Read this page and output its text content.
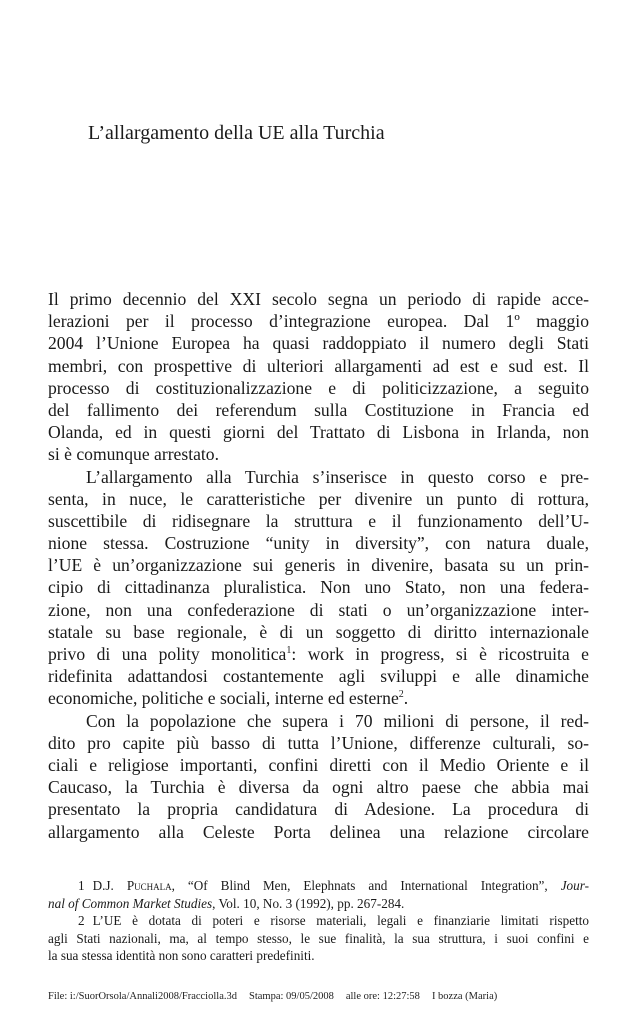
L’allargamento della UE alla Turchia
Il primo decennio del XXI secolo segna un periodo di rapide acce-
lerazioni per il processo d’integrazione europea. Dal 1º maggio
2004 l’Unione Europea ha quasi raddoppiato il numero degli Stati
membri, con prospettive di ulteriori allargamenti ad est e sud est. Il
processo di costituzionalizzazione e di politicizzazione, a seguito
del fallimento dei referendum sulla Costituzione in Francia ed
Olanda, ed in questi giorni del Trattato di Lisbona in Irlanda, non
si è comunque arrestato.
L’allargamento alla Turchia s’inserisce in questo corso e pre-
senta, in nuce, le caratteristiche per divenire un punto di rottura,
suscettibile di ridisegnare la struttura e il funzionamento dell’U-
nione stessa. Costruzione “unity in diversity”, con natura duale,
l’UE è un’organizzazione sui generis in divenire, basata su un prin-
cipio di cittadinanza pluralistica. Non uno Stato, non una federa-
zione, non una confederazione di stati o un’organizzazione inter-
statale su base regionale, è di un soggetto di diritto internazionale
privo di una polity monolitica$^1$: work in progress, si è ricostruita e
ridefinita adattandosi costantemente agli sviluppi e alle dinamiche
economiche, politiche e sociali, interne ed esterne$^2$.
Con la popolazione che supera i 70 milioni di persone, il red-
dito pro capite più basso di tutta l’Unione, differenze culturali, so-
ciali e religiose importanti, confini diretti con il Medio Oriente e il
Caucaso, la Turchia è diversa da ogni altro paese che abbia mai
presentato la propria candidatura di Adesione. La procedura di
allargamento alla Celeste Porta delinea una relazione circolare
1 D.J. Puchala, “Of Blind Men, Elephnats and International Integration”, Jour-
nal of Common Market Studies, Vol. 10, No. 3 (1992), pp. 267-284.
2 L’UE è dotata di poteri e risorse materiali, legali e finanziarie limitati rispetto
agli Stati nazionali, ma, al tempo stesso, le sue finalità, la sua struttura, i suoi confini e
la sua stessa identità non sono caratteri predefiniti.
File: i:/SuorOrsola/Annali2008/Fracciolla.3d Stampa: 09/05/2008 alle ore: 12:27:58 I bozza (Maria)
